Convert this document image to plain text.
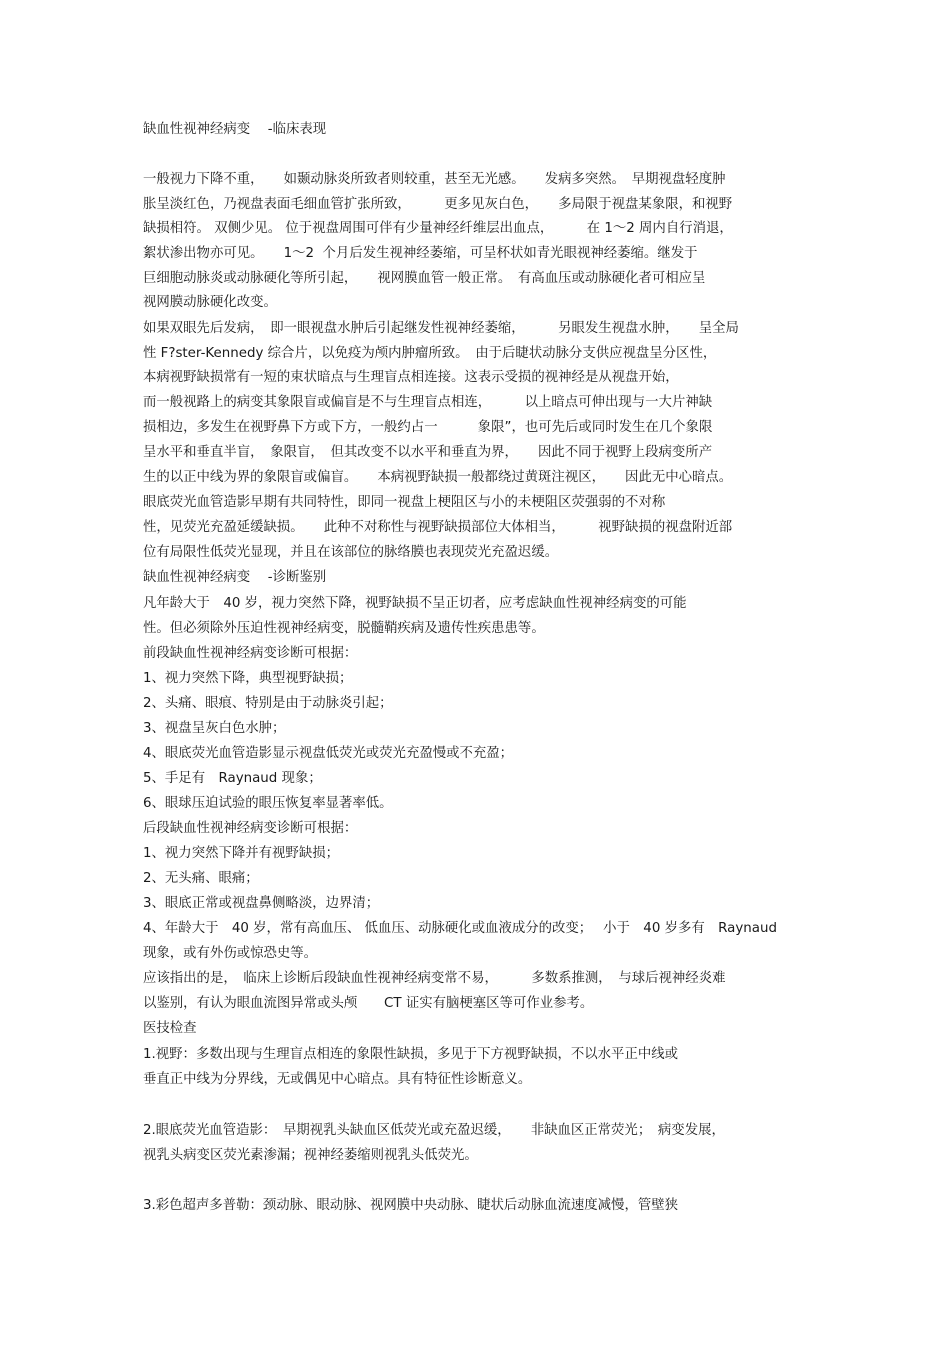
缺血性视神经病变 　-临床表现
一般视力下降不重，　　如颞动脉炎所致者则较重，甚至无光感。　　发病多突然。　早期视盘轻度肿
胀呈淡红色，乃视盘表面毛细血管扩张所致，　　　更多见灰白色，　　多局限于视盘某象限，和视野
缺损相符。 双侧少见。 位于视盘周围可伴有少量神经纤维层出血点，　　　在 1～2 周内自行消退，
絮状渗出物亦可见。　　1～2  个月后发生视神经萎缩，可呈杯状如青光眼视神经萎缩。继发于
巨细胞动脉炎或动脉硬化等所引起，　　视网膜血管一般正常。　有高血压或动脉硬化者可相应呈
视网膜动脉硬化改变。
如果双眼先后发病，　即一眼视盘水肿后引起继发性视神经萎缩，　　　另眼发生视盘水肿，　　呈全局
性 F?ster-Kennedy 综合片，以免疫为颅内肿瘤所致。　由于后睫状动脉分支供应视盘呈分区性，
本病视野缺损常有一短的束状暗点与生理盲点相连接。这表示受损的视神经是从视盘开始，
而一般视路上的病变其象限盲或偏盲是不与生理盲点相连，　　　以上暗点可伸出现与一大片神缺
损相边，多发生在视野鼻下方或下方，一般约占一　　　象限”，也可先后或同时发生在几个象限
呈水平和垂直半盲，　象限盲，　但其改变不以水平和垂直为界，　　因此不同于视野上段病变所产
生的以正中线为界的象限盲或偏盲。　　本病视野缺损一般都绕过黄斑注视区，　　因此无中心暗点。
眼底荧光血管造影早期有共同特性，即同一视盘上梗阻区与小的未梗阻区荧强弱的不对称
性，见荧光充盈延缓缺损。　　此种不对称性与视野缺损部位大体相当，　　　视野缺损的视盘附近部
位有局限性低荧光显现，并且在该部位的脉络膜也表现荧光充盈迟缓。
缺血性视神经病变 　-诊断鉴别
凡年龄大于　40 岁，视力突然下降，视野缺损不呈正切者，应考虑缺血性视神经病变的可能
性。但必须除外压迫性视神经病变，脱髓鞘疾病及遗传性疾患患等。
前段缺血性视神经病变诊断可根据：
1、视力突然下降，典型视野缺损；
2、头痛、眼痕、特别是由于动脉炎引起；
3、视盘呈灰白色水肿；
4、眼底荧光血管造影显示视盘低荧光或荧光充盈慢或不充盈；
5、手足有　Raynaud 现象；
6、眼球压迫试验的眼压恢复率显著率低。
后段缺血性视神经病变诊断可根据：
1、视力突然下降并有视野缺损；
2、无头痛、眼痛；
3、眼底正常或视盘鼻侧略淡，边界清；
4、年龄大于　40 岁，常有高血压、 低血压、动脉硬化或血液成分的改变；　 小于　40 岁多有　Raynaud
现象，或有外伤或惊恐史等。
应该指出的是，　临床上诊断后段缺血性视神经病变常不易，　　　多数系推测，　与球后视神经炎难
以鉴别，有认为眼血流图异常或头颅　　CT 证实有脑梗塞区等可作业参考。
医技检查
1.视野：多数出现与生理盲点相连的象限性缺损，多见于下方视野缺损，不以水平正中线或
垂直正中线为分界线，无或偶见中心暗点。具有特征性诊断意义。
2.眼底荧光血管造影：　早期视乳头缺血区低荧光或充盈迟缓，　　非缺血区正常荧光；　病变发展，
视乳头病变区荧光素渗漏；视神经萎缩则视乳头低荧光。
3.彩色超声多普勒：颈动脉、眼动脉、视网膜中央动脉、睫状后动脉血流速度减慢，管壁狭
